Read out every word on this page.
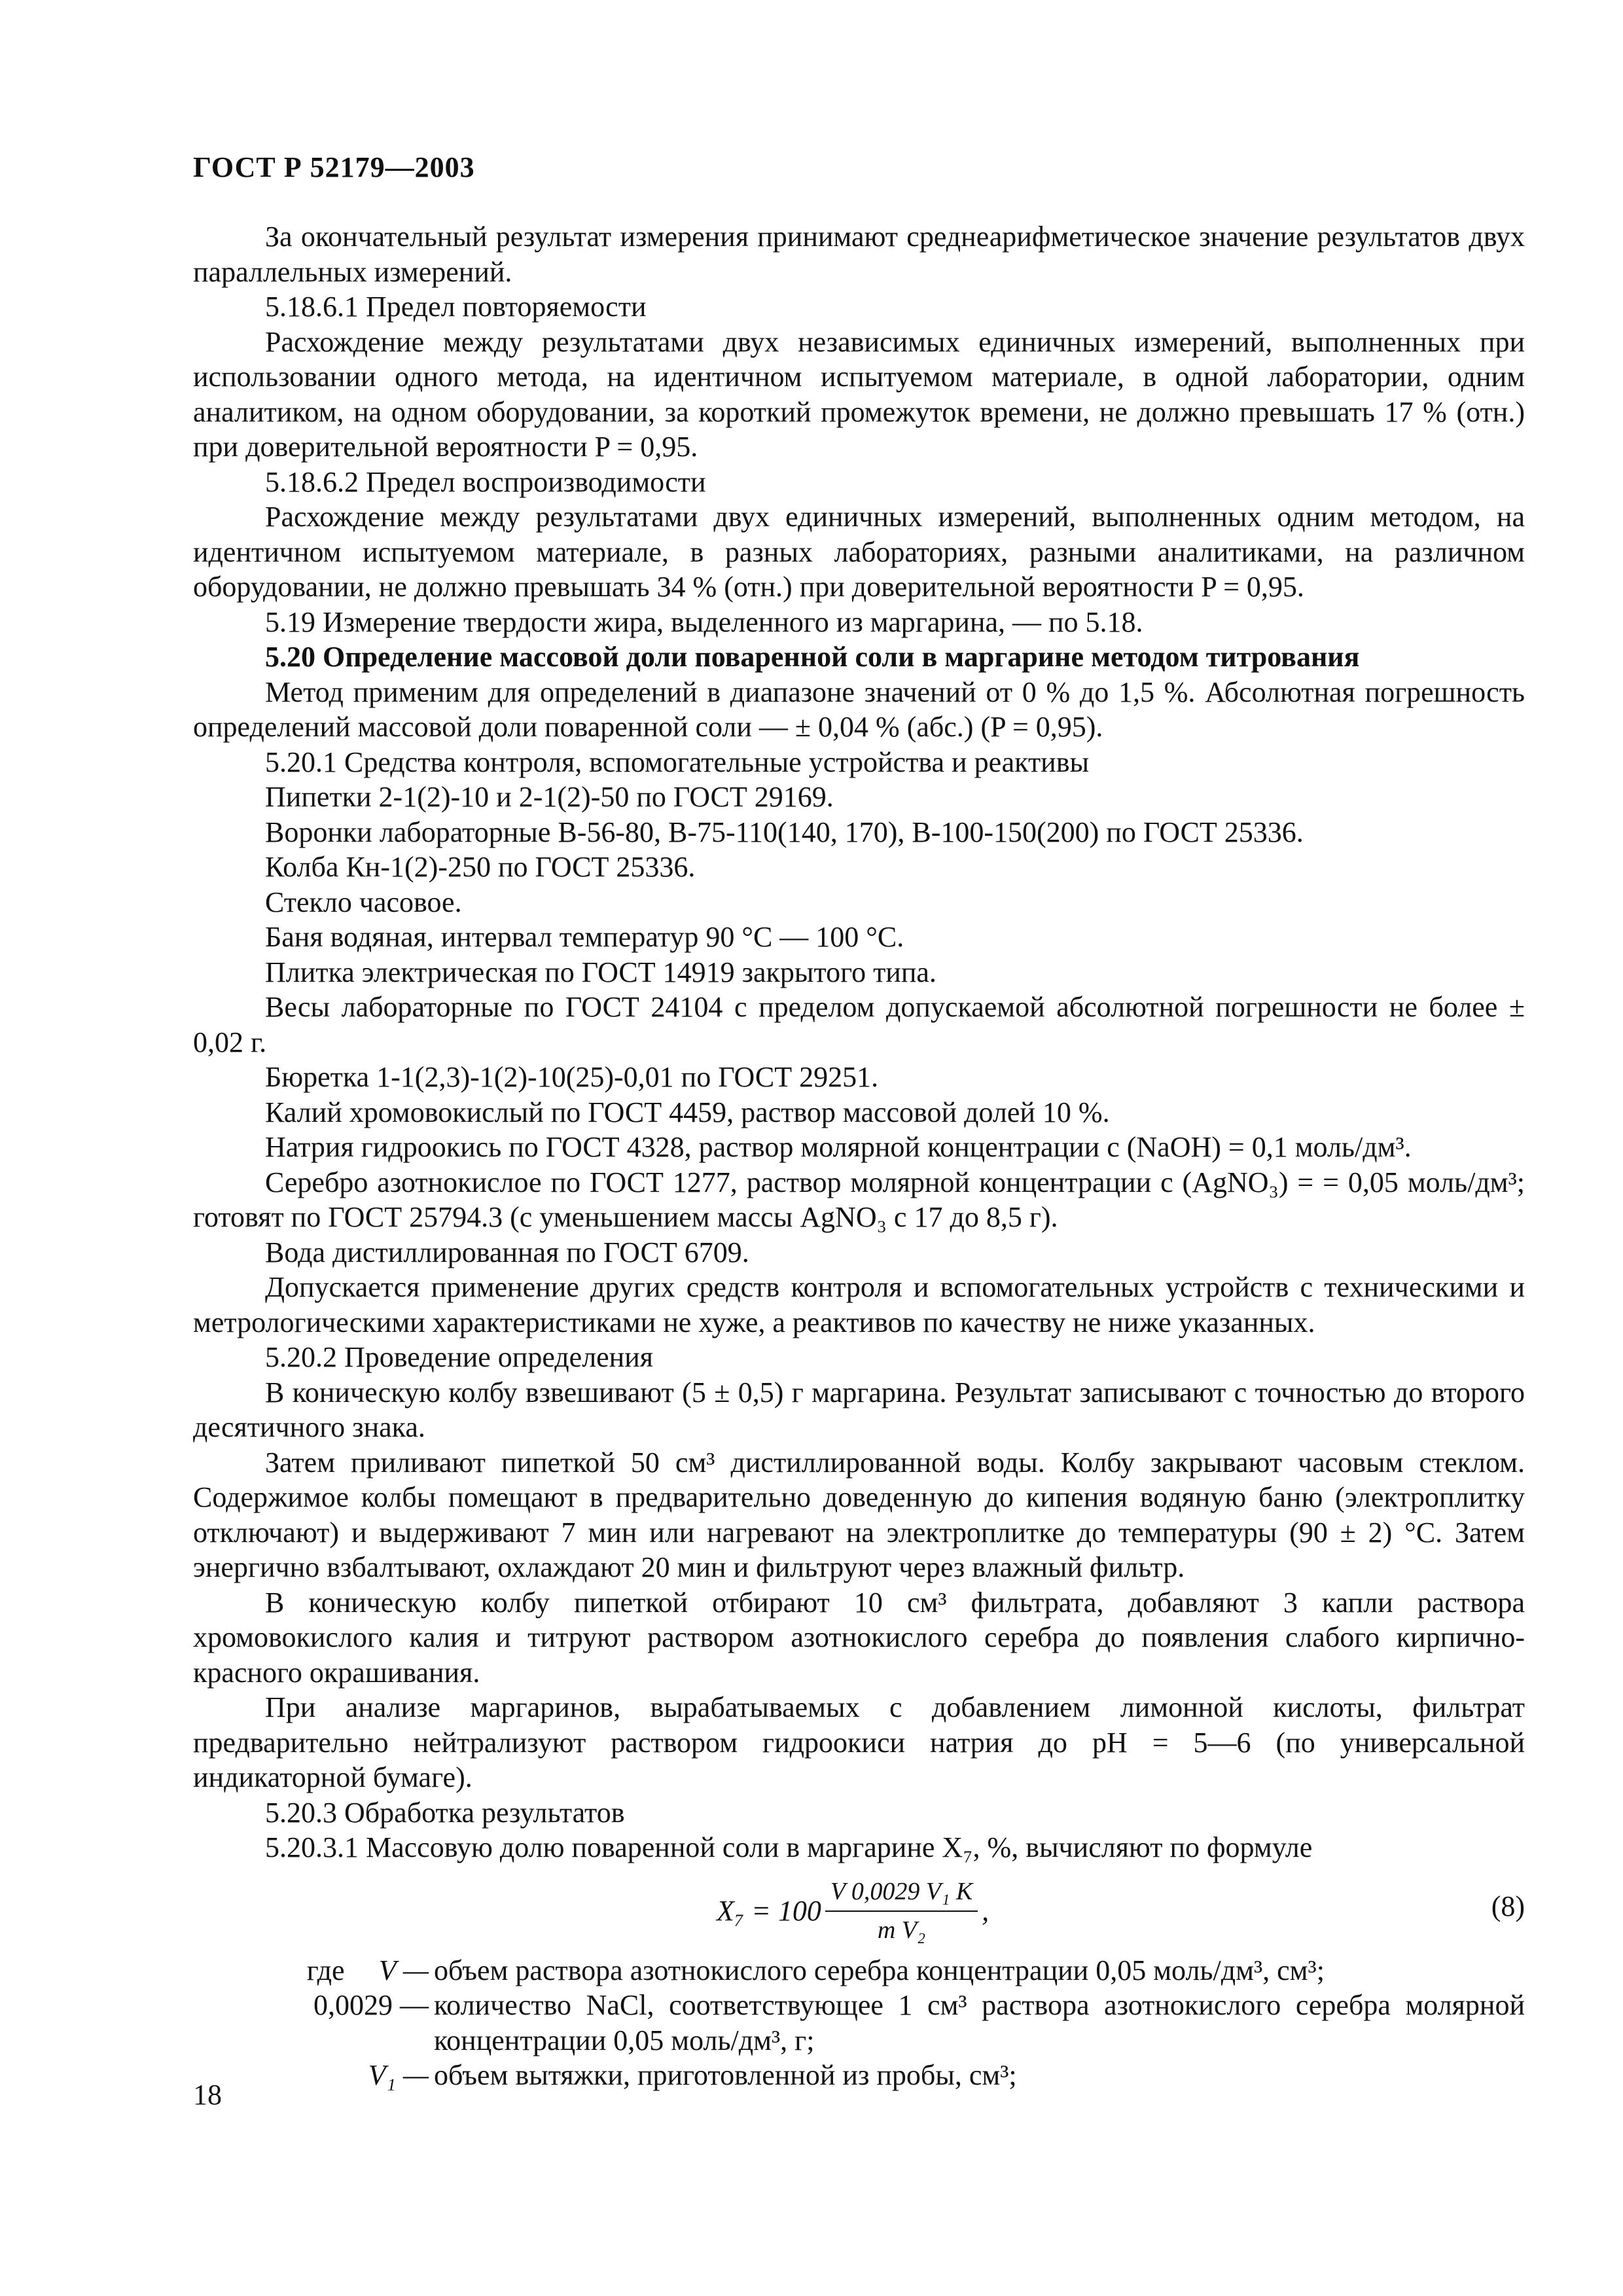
ГОСТ Р 52179—2003

За окончательный результат измерения принимают среднеарифметическое значение результатов двух параллельных измерений.

5.18.6.1 Предел повторяемости

Расхождение между результатами двух независимых единичных измерений, выполненных при использовании одного метода, на идентичном испытуемом материале, в одной лаборатории, одним аналитиком, на одном оборудовании, за короткий промежуток времени, не должно превышать 17 % (отн.) при доверительной вероятности P = 0,95.

5.18.6.2 Предел воспроизводимости

Расхождение между результатами двух единичных измерений, выполненных одним методом, на идентичном испытуемом материале, в разных лабораториях, разными аналитиками, на различном оборудовании, не должно превышать 34 % (отн.) при доверительной вероятности P = 0,95.

5.19 Измерение твердости жира, выделенного из маргарина, — по 5.18.

5.20 Определение массовой доли поваренной соли в маргарине методом титрования

Метод применим для определений в диапазоне значений от 0 % до 1,5 %. Абсолютная погрешность определений массовой доли поваренной соли — ± 0,04 % (абс.) (P = 0,95).

5.20.1 Средства контроля, вспомогательные устройства и реактивы

Пипетки 2-1(2)-10 и 2-1(2)-50 по ГОСТ 29169.

Воронки лабораторные В-56-80, В-75-110(140, 170), В-100-150(200) по ГОСТ 25336.

Колба Кн-1(2)-250 по ГОСТ 25336.

Стекло часовое.

Баня водяная, интервал температур 90 °С — 100 °С.

Плитка электрическая по ГОСТ 14919 закрытого типа.

Весы лабораторные по ГОСТ 24104 с пределом допускаемой абсолютной погрешности не более ± 0,02 г.

Бюретка 1-1(2,3)-1(2)-10(25)-0,01 по ГОСТ 29251.

Калий хромовокислый по ГОСТ 4459, раствор массовой долей 10 %.

Натрия гидроокись по ГОСТ 4328, раствор молярной концентрации c (NaOH) = 0,1 моль/дм³.

Серебро азотнокислое по ГОСТ 1277, раствор молярной концентрации c (AgNO₃) = = 0,05 моль/дм³; готовят по ГОСТ 25794.3 (с уменьшением массы AgNO₃ с 17 до 8,5 г).

Вода дистиллированная по ГОСТ 6709.

Допускается применение других средств контроля и вспомогательных устройств с техническими и метрологическими характеристиками не хуже, а реактивов по качеству не ниже указанных.

5.20.2 Проведение определения

В коническую колбу взвешивают (5 ± 0,5) г маргарина. Результат записывают с точностью до второго десятичного знака.

Затем приливают пипеткой 50 см³ дистиллированной воды. Колбу закрывают часовым стеклом. Содержимое колбы помещают в предварительно доведенную до кипения водяную баню (электроплитку отключают) и выдерживают 7 мин или нагревают на электроплитке до температуры (90 ± 2) °С. Затем энергично взбалтывают, охлаждают 20 мин и фильтруют через влажный фильтр.

В коническую колбу пипеткой отбирают 10 см³ фильтрата, добавляют 3 капли раствора хромовокислого калия и титруют раствором азотнокислого серебра до появления слабого кирпично-красного окрашивания.

При анализе маргаринов, вырабатываемых с добавлением лимонной кислоты, фильтрат предварительно нейтрализуют раствором гидроокиси натрия до pH = 5—6 (по универсальной индикаторной бумаге).

5.20.3 Обработка результатов

5.20.3.1 Массовую долю поваренной соли в маргарине X₇, %, вычисляют по формуле

$X_7 = 100 \frac{\text{V 0,0029 V₁ K}}{\text{m V₂}}$ ,	(8)
где V — объем раствора азотнокислого серебра концентрации 0,05 моль/дм³, см³;
0,0029 — количество NaCl, соответствующее 1 см³ раствора азотнокислого серебра молярной концентрации 0,05 моль/дм³, г;
V₁ — объем вытяжки, приготовленной из пробы, см³;
18
